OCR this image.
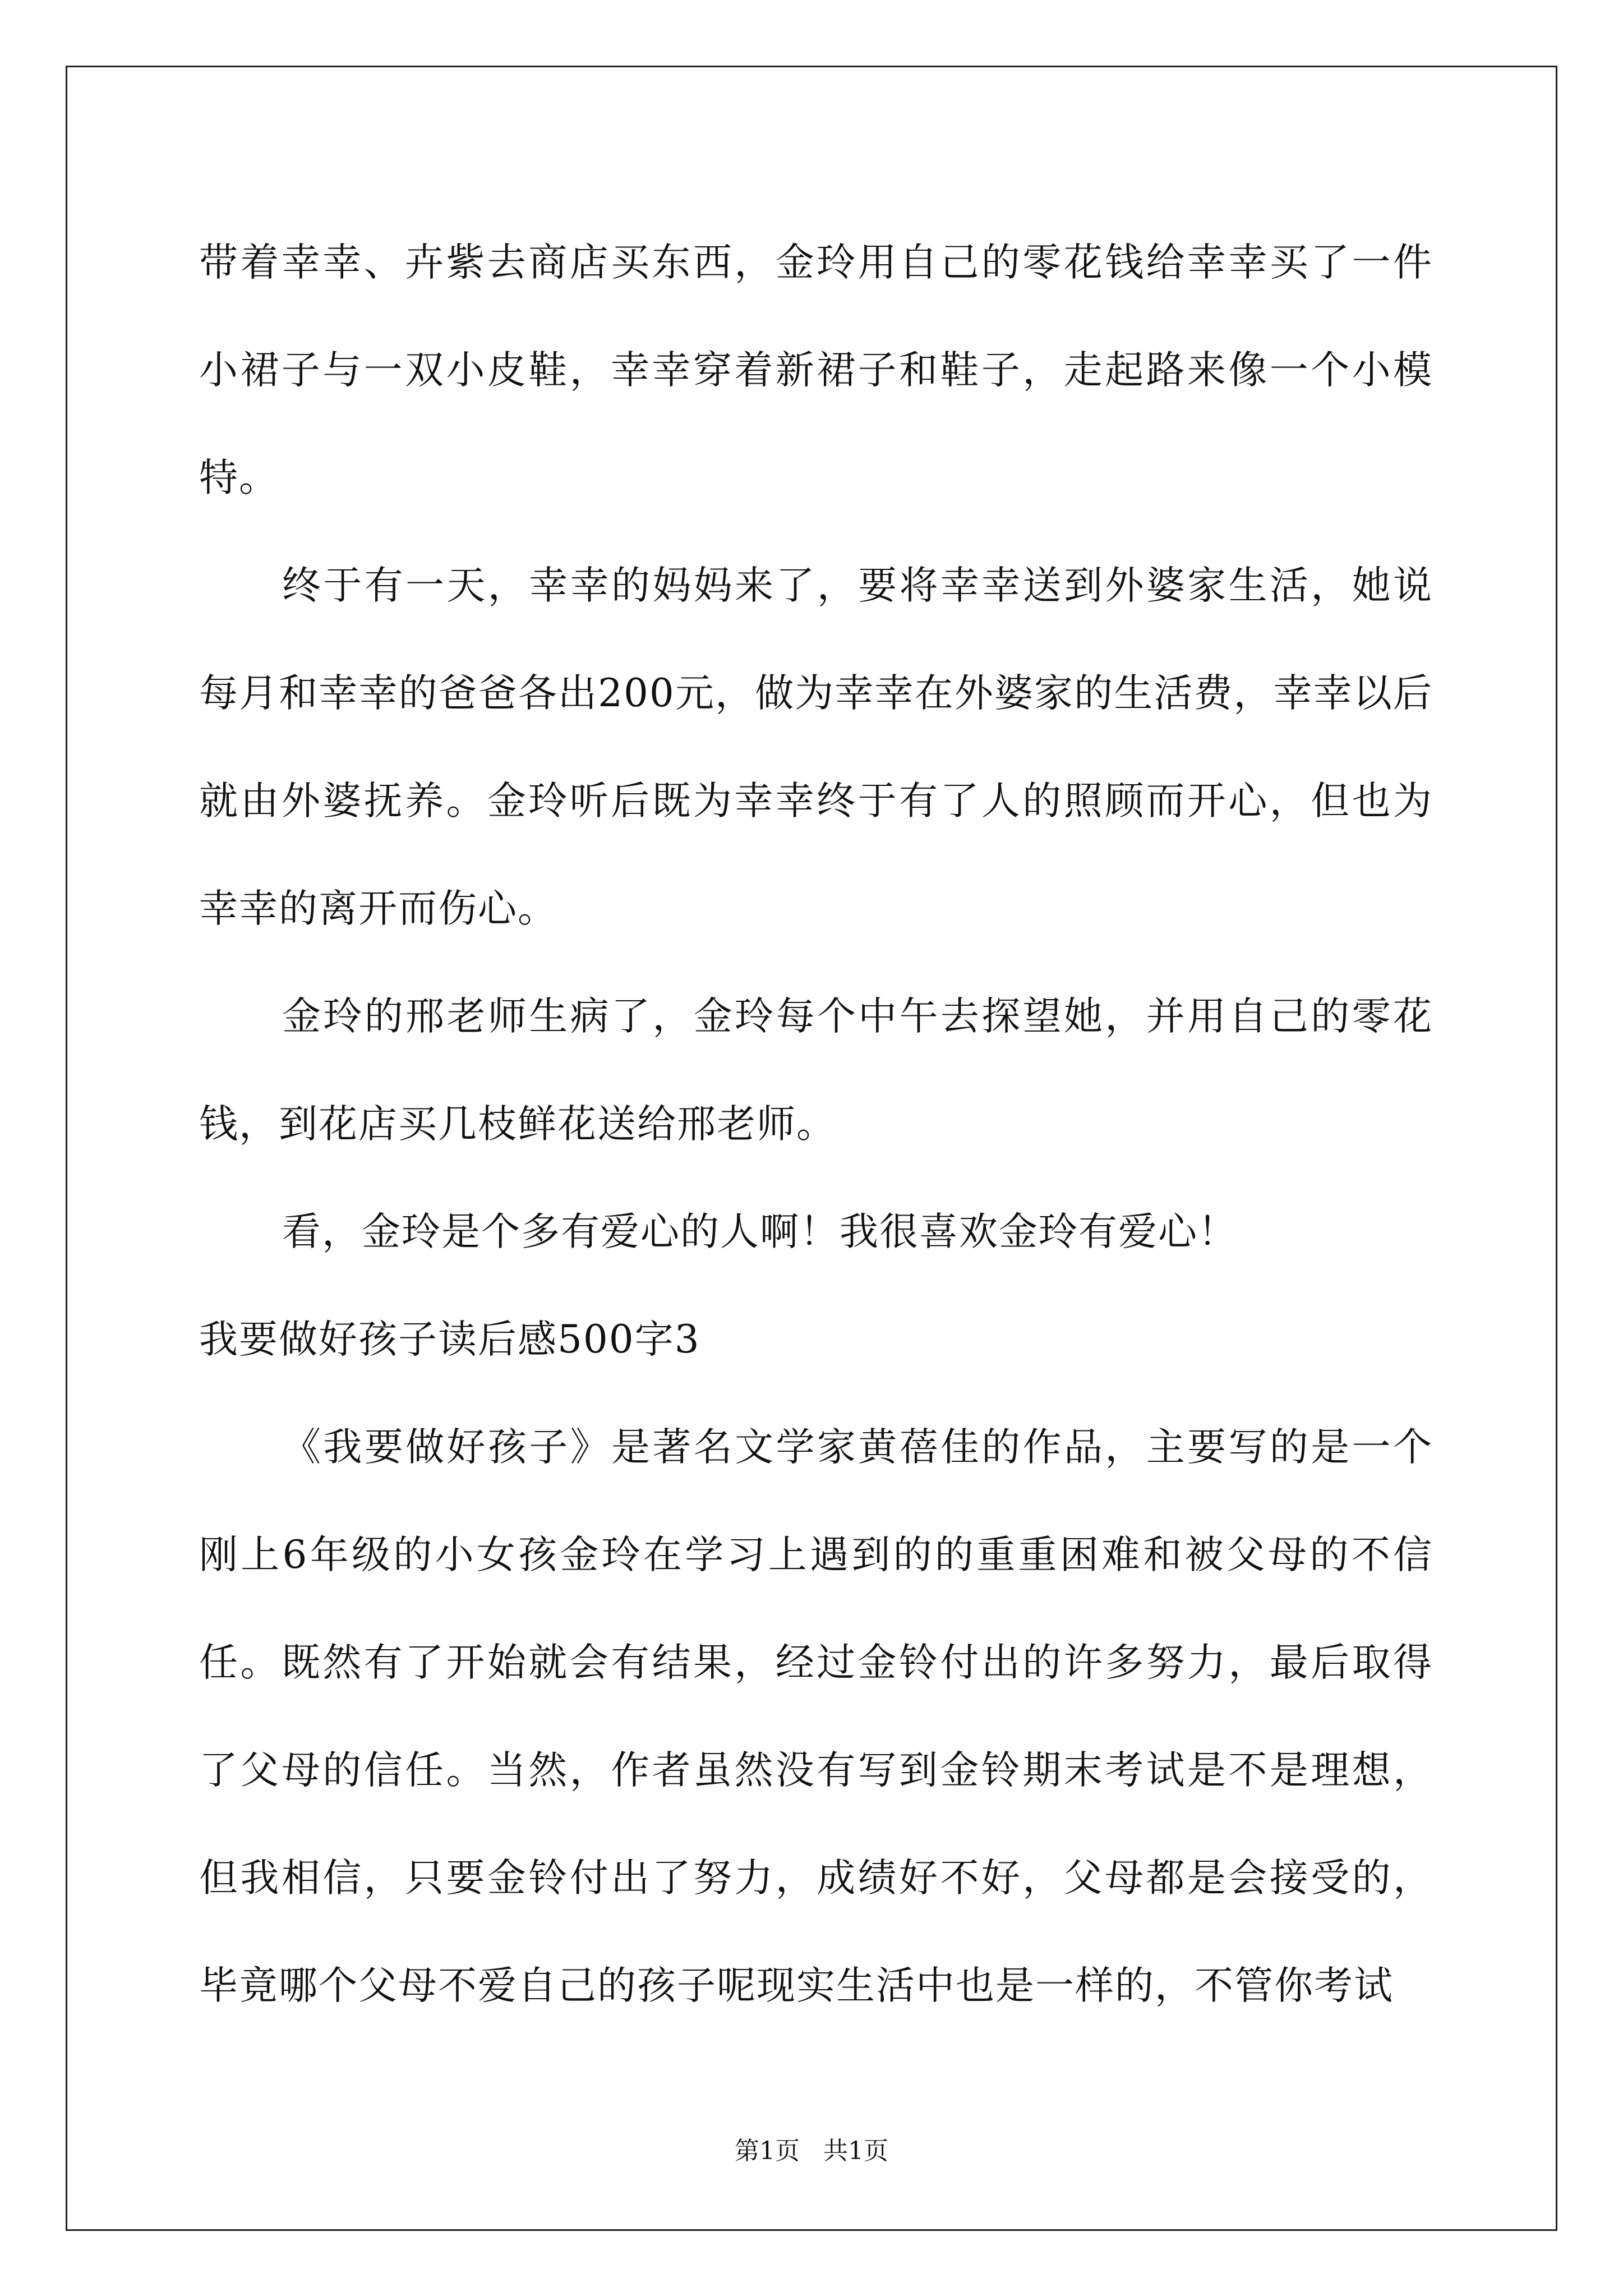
带着幸幸、卉紫去商店买东西，金玲用自己的零花钱给幸幸买了一件小裙子与一双小皮鞋，幸幸穿着新裙子和鞋子，走起路来像一个小模特。

终于有一天，幸幸的妈妈来了，要将幸幸送到外婆家生活，她说每月和幸幸的爸爸各出200元，做为幸幸在外婆家的生活费，幸幸以后就由外婆抚养。金玲听后既为幸幸终于有了人的照顾而开心，但也为幸幸的离开而伤心。

金玲的邢老师生病了，金玲每个中午去探望她，并用自己的零花钱，到花店买几枝鲜花送给邢老师。

看，金玲是个多有爱心的人啊！我很喜欢金玲有爱心！

我要做好孩子读后感500字3

《我要做好孩子》是著名文学家黄蓓佳的作品，主要写的是一个刚上6年级的小女孩金玲在学习上遇到的的重重困难和被父母的不信任。既然有了开始就会有结果，经过金铃付出的许多努力，最后取得了父母的信任。当然，作者虽然没有写到金铃期末考试是不是理想，但我相信，只要金铃付出了努力，成绩好不好，父母都是会接受的，毕竟哪个父母不爱自己的孩子呢现实生活中也是一样的，不管你考试

第1页   共1页
